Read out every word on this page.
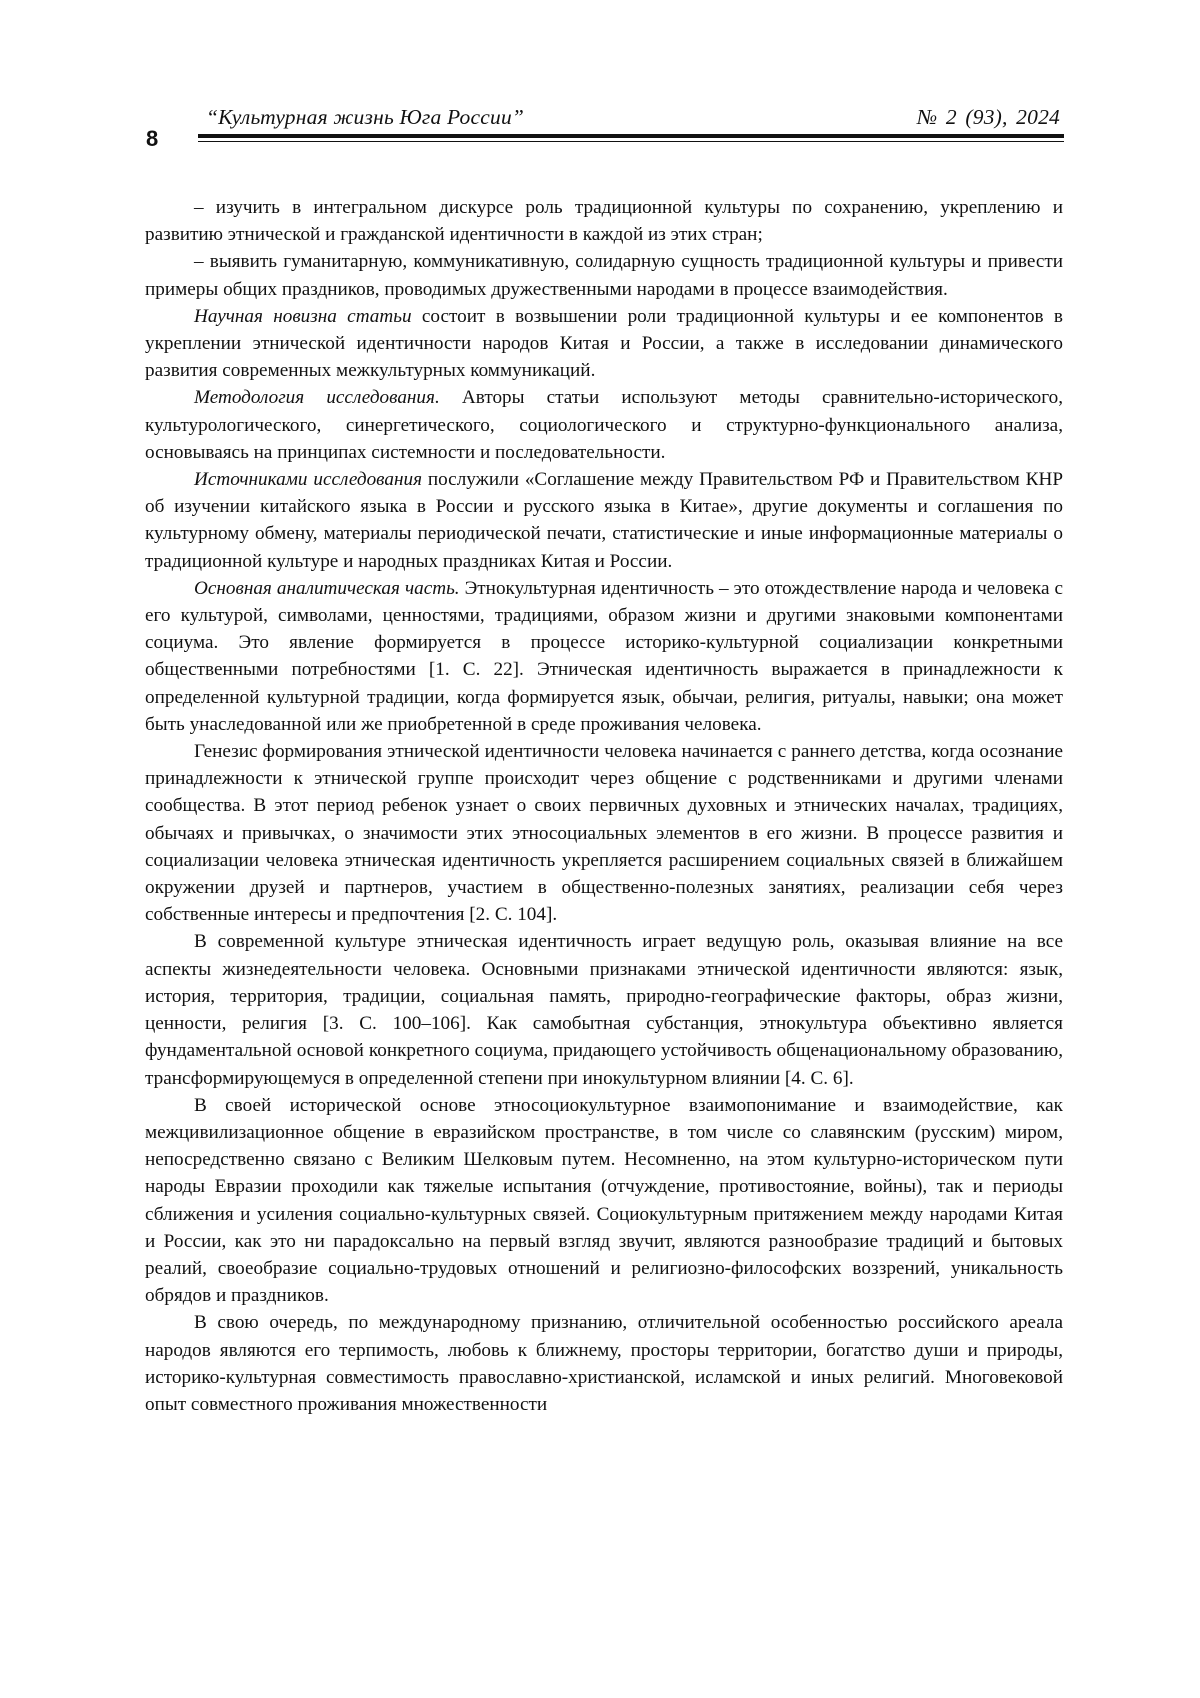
8
“Культурная жизнь Юга России”	№ 2 (93), 2024

– изучить в интегральном дискурсе роль традиционной культуры по сохранению, укреплению и развитию этнической и гражданской идентичности в каждой из этих стран;

– выявить гуманитарную, коммуникативную, солидарную сущность традиционной куль­туры и привести примеры общих праздников, проводимых дружественными народами в процессе взаимодействия.

Научная новизна статьи состоит в возвышении роли традиционной культуры и ее компонентов в укреплении этнической идентичности народов Китая и России, а также в исследовании динамического развития современных межкультурных коммуникаций.

Методология исследования. Авторы статьи используют методы сравнительно-исторического, культурологического, синергетического, социологического и структурно-функционального анализа, основываясь на принципах системности и последовательности.

Источниками исследования послужили «Соглашение между Правительством РФ и Правительством КНР об изучении китайского языка в России и русского языка в Китае», другие документы и соглашения по культурному обмену, материалы периодической печати, статистические и иные информационные материалы о традиционной культуре и народных праздниках Китая и России.

Основная аналитическая часть. Этнокультурная идентичность – это отождествление народа и человека с его культурой, символами, ценностями, традициями, образом жизни и другими знаковыми компонентами социума. Это явление формируется в процессе историко-культурной социализации конкретными общественными потребностями [1. С. 22]. Этниче­ская идентичность выражается в принадлежности к определенной культурной традиции, когда формируется язык, обычаи, религия, ритуалы, навыки; она может быть унаследованной или же приобретенной в среде проживания человека.

Генезис формирования этнической идентичности человека начинается с раннего дет­ства, когда осознание принадлежности к этнической группе происходит через общение с родственниками и другими членами сообщества. В этот период ребенок узнает о своих первичных духовных и этнических началах, традициях, обычаях и привычках, о значимости этих этносоциальных элементов в его жизни. В процессе развития и социализации человека этническая идентичность укрепляется расширением социальных связей в ближайшем окру­жении друзей и партнеров, участием в общественно-полезных занятиях, реализации себя через собственные интересы и предпочтения [2. С. 104].

В современной культуре этническая идентичность играет ведущую роль, оказывая влияние на все аспекты жизнедеятельности человека. Основными признаками этнической идентичности являются: язык, история, территория, традиции, социальная память, природно-географические факторы, образ жизни, ценности, религия [3. С. 100–106]. Как самобытная субстанция, этнокультура объективно является фундаментальной основой конкретного соци­ума, придающего устойчивость общенациональному образованию, трансформирующемуся в определенной степени при инокультурном влиянии [4. С. 6].

В своей исторической основе этносоциокультурное взаимопонимание и взаимодействие, как межцивилизационное общение в евразийском пространстве, в том числе со славянским (русским) миром, непосредственно связано с Великим Шелковым путем. Несомненно, на этом культурно-историческом пути народы Евразии проходили как тяжелые испытания (отчуждение, противостояние, войны), так и периоды сближения и усиления социально-культурных связей. Социокультурным притяжением между народами Китая и России, как это ни парадоксально на первый взгляд звучит, являются разнообразие традиций и бытовых реалий, своеобразие социально-трудовых отношений и религиозно-философских воззрений, уникальность обрядов и праздников.

В свою очередь, по международному признанию, отличительной особенностью россий­ского ареала народов являются его терпимость, любовь к ближнему, просторы территории, богатство души и природы, историко-культурная совместимость православно-христианской, исламской и иных религий. Многовековой опыт совместного проживания множественности
